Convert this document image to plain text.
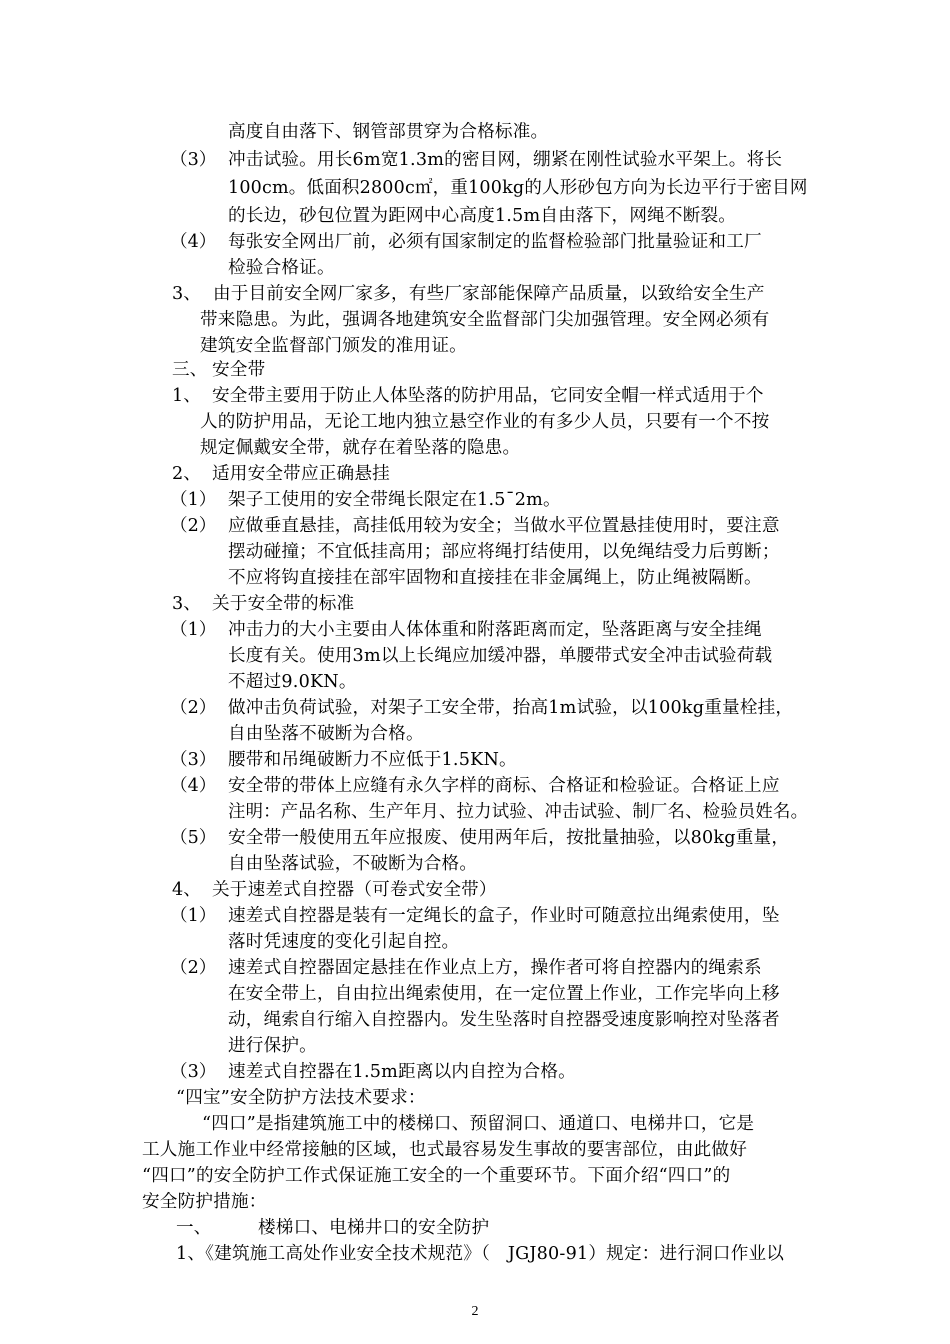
高度自由落下、钢管部贯穿为合格标准。

（3） 冲击试验。用长6m宽1.3m的密目网，绷紧在刚性试验水平架上。将长

100cm。低面积2800c㎡，重100kg的人形砂包方向为长边平行于密目网

的长边，砂包位置为距网中心高度1.5m自由落下，网绳不断裂。

（4） 每张安全网出厂前，必须有国家制定的监督检验部门批量验证和工厂

检验合格证。

3、 由于目前安全网厂家多，有些厂家部能保障产品质量，以致给安全生产

带来隐患。为此，强调各地建筑安全监督部门尖加强管理。安全网必须有

建筑安全监督部门颁发的准用证。

三、 安全带

1、 安全带主要用于防止人体坠落的防护用品，它同安全帽一样式适用于个

人的防护用品，无论工地内独立悬空作业的有多少人员，只要有一个不按

规定佩戴安全带，就存在着坠落的隐患。

2、 适用安全带应正确悬挂

（1） 架子工使用的安全带绳长限定在1.5¯2m。

（2） 应做垂直悬挂，高挂低用较为安全；当做水平位置悬挂使用时，要注意

摆动碰撞；不宜低挂高用；部应将绳打结使用，以免绳结受力后剪断；

不应将钩直接挂在部牢固物和直接挂在非金属绳上，防止绳被隔断。

3、 关于安全带的标准

（1） 冲击力的大小主要由人体体重和附落距离而定，坠落距离与安全挂绳

长度有关。使用3m以上长绳应加缓冲器，单腰带式安全冲击试验荷载

不超过9.0KN。

（2） 做冲击负荷试验，对架子工安全带，抬高1m试验，以100kg重量栓挂，

自由坠落不破断为合格。

（3） 腰带和吊绳破断力不应低于1.5KN。

（4） 安全带的带体上应缝有永久字样的商标、合格证和检验证。合格证上应

注明：产品名称、生产年月、拉力试验、冲击试验、制厂名、检验员姓名。

（5） 安全带一般使用五年应报废、使用两年后，按批量抽验，以80kg重量，

自由坠落试验，不破断为合格。

4、 关于速差式自控器（可卷式安全带）

（1） 速差式自控器是装有一定绳长的盒子，作业时可随意拉出绳索使用，坠

落时凭速度的变化引起自控。

（2） 速差式自控器固定悬挂在作业点上方，操作者可将自控器内的绳索系

在安全带上，自由拉出绳索使用，在一定位置上作业，工作完毕向上移

动，绳索自行缩入自控器内。发生坠落时自控器受速度影响控对坠落者

进行保护。

（3） 速差式自控器在1.5m距离以内自控为合格。

“四宝”安全防护方法技术要求：

“四口”是指建筑施工中的楼梯口、预留洞口、通道口、电梯井口，它是

工人施工作业中经常接触的区域，也式最容易发生事故的要害部位，由此做好

“四口”的安全防护工作式保证施工安全的一个重要环节。下面介绍“四口”的

安全防护措施：

一、	楼梯口、电梯井口的安全防护

1、《建筑施工高处作业安全技术规范》（　JGJ80-91）规定：进行洞口作业以

2
